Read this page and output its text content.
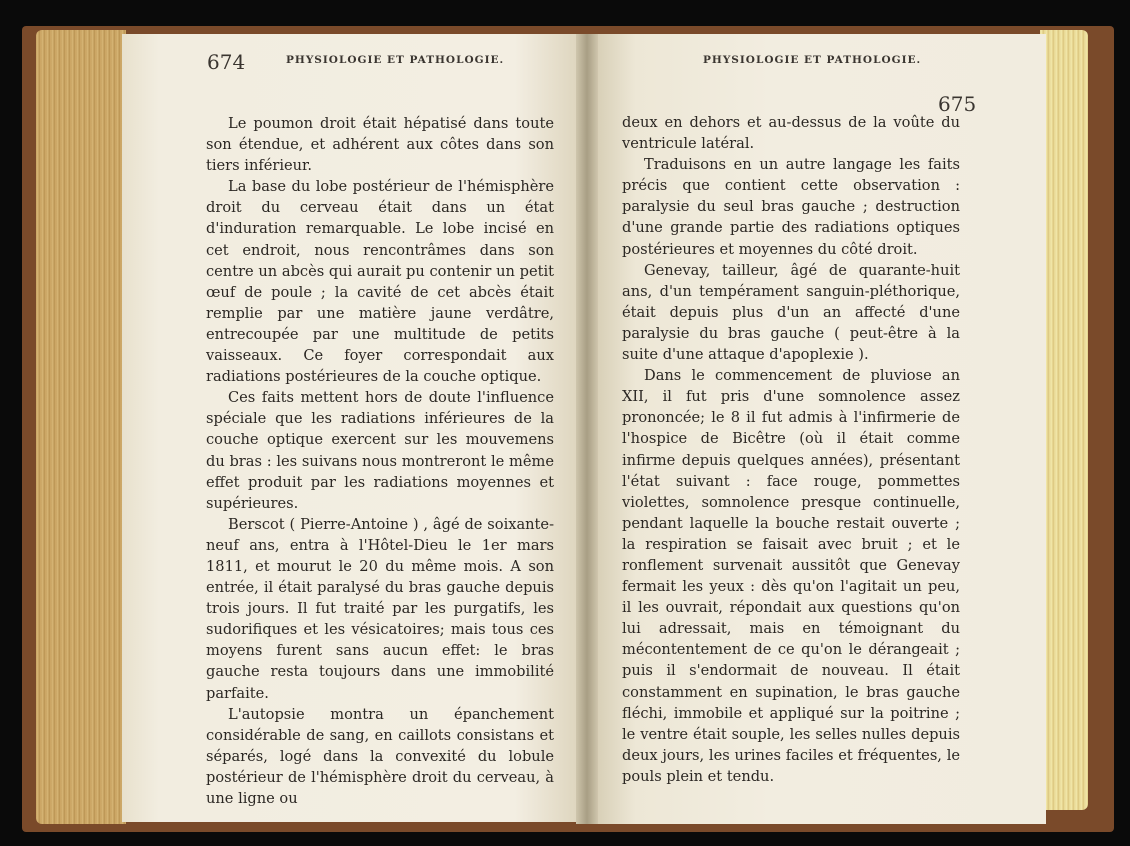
674	PHYSIOLOGIE ET PATHOLOGIE.	PHYSIOLOGIE ET PATHOLOGIE.
675

Le poumon droit était hépatisé dans toute son étendue, et adhérent aux côtes dans son tiers inférieur.

La base du lobe postérieur de l'hémisphère droit du cerveau était dans un état d'induration remarquable. Le lobe incisé en cet endroit, nous rencontrâmes dans son centre un abcès qui aurait pu contenir un petit œuf de poule ; la cavité de cet abcès était remplie par une matière jaune verdâtre, entrecoupée par une multitude de petits vaisseaux. Ce foyer correspondait aux radiations postérieures de la couche optique.

Ces faits mettent hors de doute l'influence spéciale que les radiations inférieures de la couche optique exercent sur les mouvemens du bras : les suivans nous montreront le même effet produit par les radiations moyennes et supérieures.

Berscot ( Pierre-Antoine ) , âgé de soixante-neuf ans, entra à l'Hôtel-Dieu le 1er mars 1811, et mourut le 20 du même mois. A son entrée, il était paralysé du bras gauche depuis trois jours. Il fut traité par les purgatifs, les sudorifiques et les vésicatoires; mais tous ces moyens furent sans aucun effet: le bras gauche resta toujours dans une immobilité parfaite.

L'autopsie montra un épanchement considérable de sang, en caillots consistans et séparés, logé dans la convexité du lobule postérieur de l'hémisphère droit du cerveau, à une ligne ou

deux en dehors et au-dessus de la voûte du ventricule latéral.

Traduisons en un autre langage les faits précis que contient cette observation : paralysie du seul bras gauche ; destruction d'une grande partie des radiations optiques postérieures et moyennes du côté droit.

Genevay, tailleur, âgé de quarante-huit ans, d'un tempérament sanguin-pléthorique, était depuis plus d'un an affecté d'une paralysie du bras gauche ( peut-être à la suite d'une attaque d'apoplexie ).

Dans le commencement de pluviose an XII, il fut pris d'une somnolence assez prononcée; le 8 il fut admis à l'infirmerie de l'hospice de Bicêtre (où il était comme infirme depuis quelques années), présentant l'état suivant : face rouge, pommettes violettes, somnolence presque continuelle, pendant laquelle la bouche restait ouverte ; la respiration se faisait avec bruit ; et le ronflement survenait aussitôt que Genevay fermait les yeux : dès qu'on l'agitait un peu, il les ouvrait, répondait aux questions qu'on lui adressait, mais en témoignant du mécontentement de ce qu'on le dérangeait ; puis il s'endormait de nouveau. Il était constamment en supination, le bras gauche fléchi, immobile et appliqué sur la poitrine ; le ventre était souple, les selles nulles depuis deux jours, les urines faciles et fréquentes, le pouls plein et tendu.
